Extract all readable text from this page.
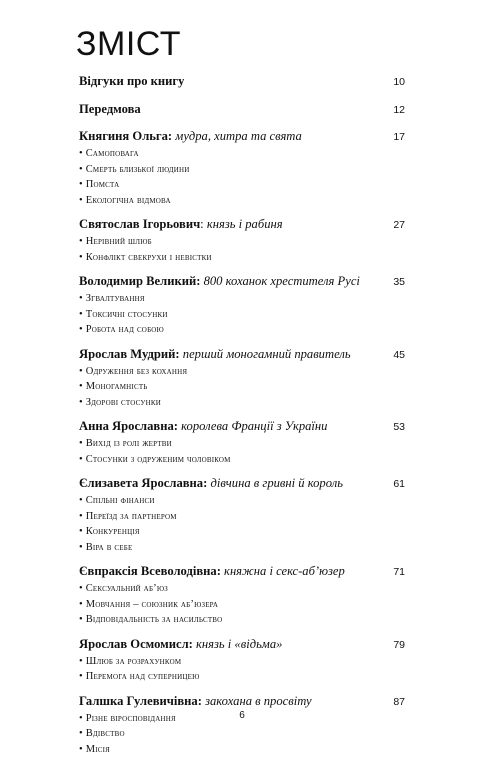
ЗМІСТ
Відгуки про книгу	10
Передмова	12
Княгиня Ольга: мудра, хитра та свята	17
• Самоповага
• Смерть близької людини
• Помста
• Екологічна відмова
Святослав Ігорьович: князь і рабиня	27
• Нерівний шлюб
• Конфлікт свекрухи і невістки
Володимир Великий: 800 коханок хрестителя Русі	35
• Згвалтування
• Токсичні стосунки
• Робота над собою
Ярослав Мудрий: перший моногамний правитель	45
• Одруження без кохання
• Моногамність
• Здорові стосунки
Анна Ярославна: королева Франції з України	53
• Вихід із ролі жертви
• Стосунки з одруженим чоловіком
Єлизавета Ярославна: дівчина в гривні й король	61
• Спільні фінанси
• Переїзд за партнером
• Конкуренція
• Віра в себе
Євпраксія Всеволодівна: княжна і секс-аб’юзер	71
• Сексуальний аб’юз
• Мовчання – союзник аб’юзера
• Відповідальність за насильство
Ярослав Осмомисл: князь і «відьма»	79
• Шлюб за розрахунком
• Перемога над суперницею
Галшка Гулевичівна: закохана в просвіту	87
• Різне віросповідання
• Вдівство
• Місія
6
